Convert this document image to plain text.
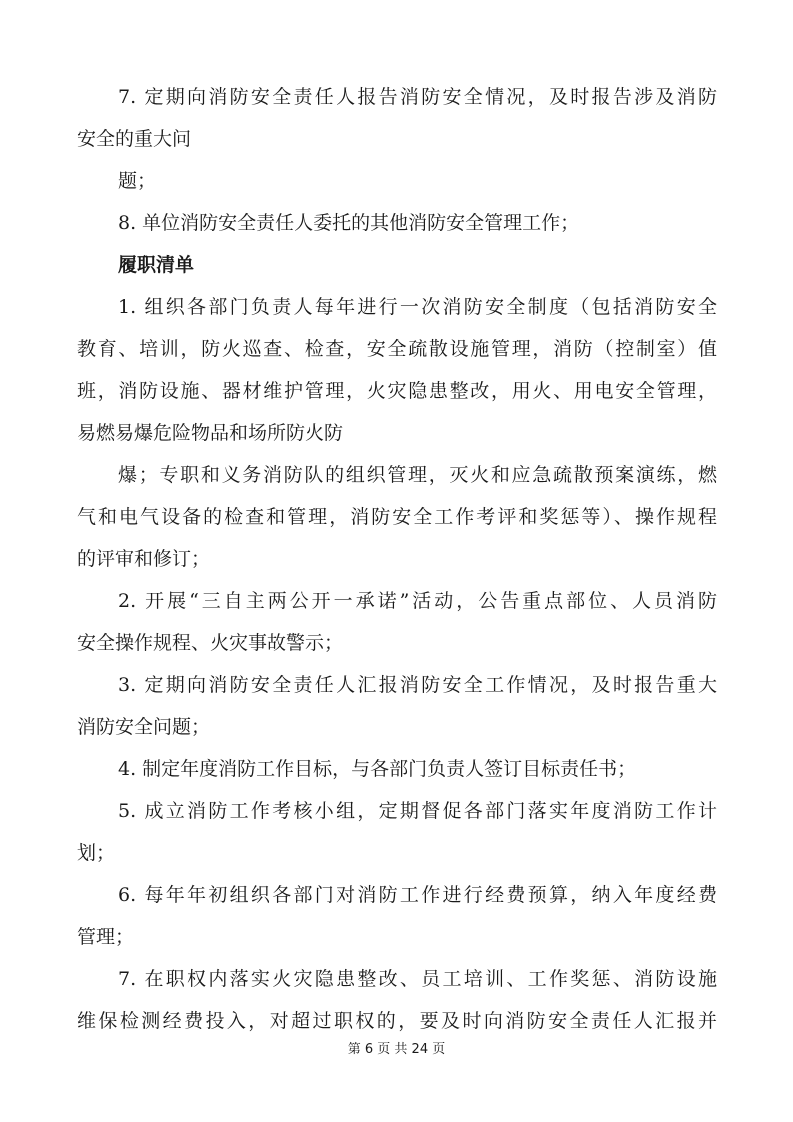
7. 定期向消防安全责任人报告消防安全情况，及时报告涉及消防
安全的重大问
题；
8. 单位消防安全责任人委托的其他消防安全管理工作；
履职清单
1. 组织各部门负责人每年进行一次消防安全制度（包括消防安全
教育、培训，防火巡查、检查，安全疏散设施管理，消防（控制室）值
班，消防设施、器材维护管理，火灾隐患整改，用火、用电安全管理，
易燃易爆危险物品和场所防火防
爆；专职和义务消防队的组织管理，灭火和应急疏散预案演练，燃
气和电气设备的检查和管理，消防安全工作考评和奖惩等）、操作规程
的评审和修订；
2. 开展“三自主两公开一承诺”活动，公告重点部位、人员消防
安全操作规程、火灾事故警示；
3. 定期向消防安全责任人汇报消防安全工作情况，及时报告重大
消防安全问题；
4. 制定年度消防工作目标，与各部门负责人签订目标责任书；
5. 成立消防工作考核小组，定期督促各部门落实年度消防工作计
划；
6. 每年年初组织各部门对消防工作进行经费预算，纳入年度经费
管理；
7. 在职权内落实火灾隐患整改、员工培训、工作奖惩、消防设施
维保检测经费投入，对超过职权的，要及时向消防安全责任人汇报并
第 6 页 共 24 页
